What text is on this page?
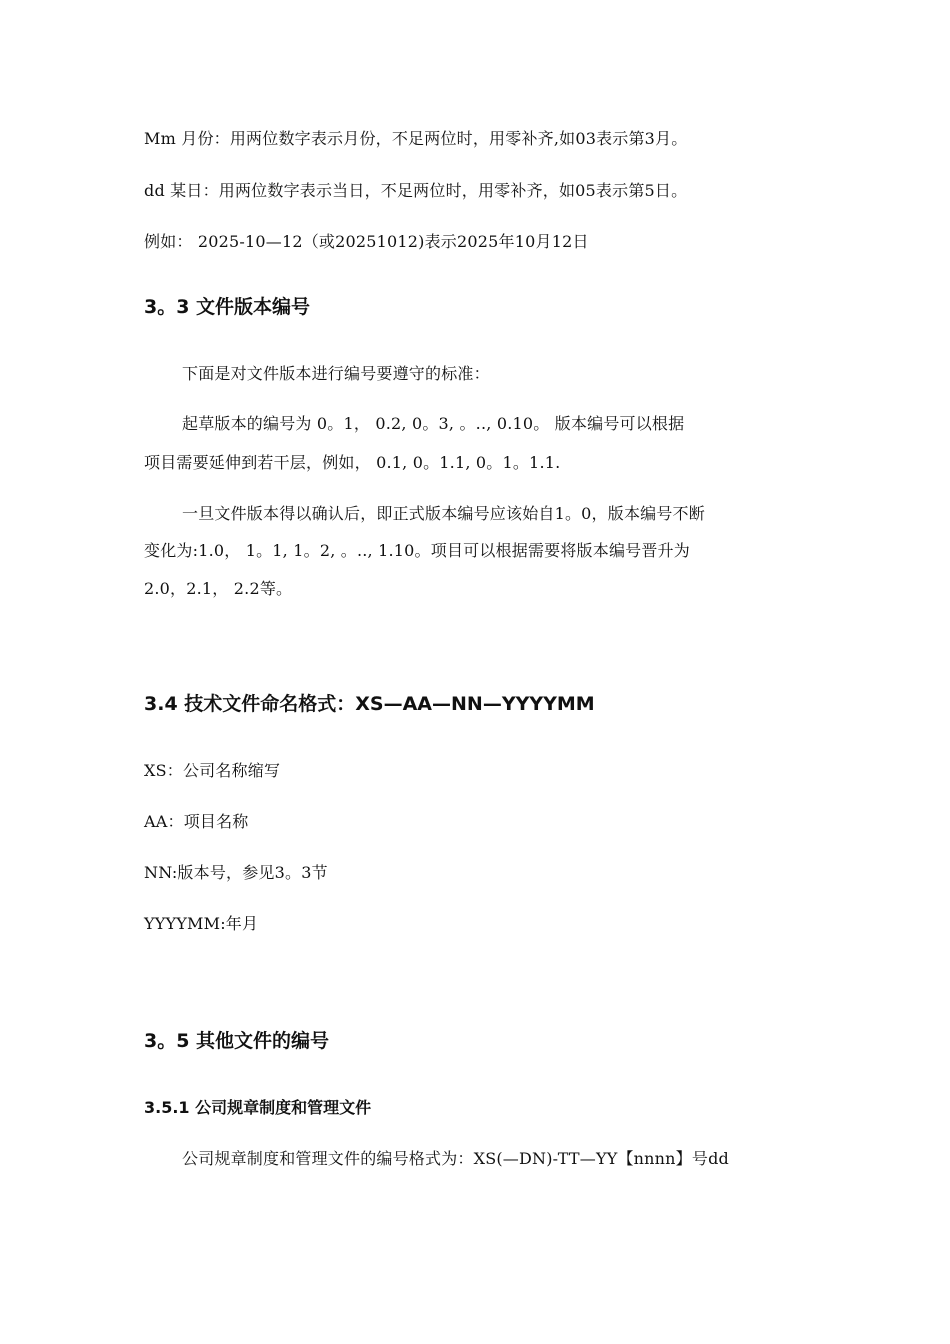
Mm 月份：用两位数字表示月份，不足两位时，用零补齐,如03表示第3月。
dd 某日：用两位数字表示当日，不足两位时，用零补齐，如05表示第5日。
例如： 2025-10—12（或20251012)表示2025年10月12日
3。3 文件版本编号
下面是对文件版本进行编号要遵守的标准：
起草版本的编号为 0。1， 0.2, 0。3, 。.., 0.10。 版本编号可以根据
项目需要延伸到若干层，例如， 0.1, 0。1.1, 0。1。1.1.
一旦文件版本得以确认后，即正式版本编号应该始自1。0，版本编号不断
变化为:1.0， 1。1, 1。2, 。.., 1.10。项目可以根据需要将版本编号晋升为
2.0，2.1， 2.2等。
3.4 技术文件命名格式：XS—AA—NN—YYYYMM
XS：公司名称缩写
AA：项目名称
NN:版本号，参见3。3节
YYYYMM:年月
3。5 其他文件的编号
3.5.1 公司规章制度和管理文件
公司规章制度和管理文件的编号格式为：XS(—DN)-TT—YY【nnnn】号dd
